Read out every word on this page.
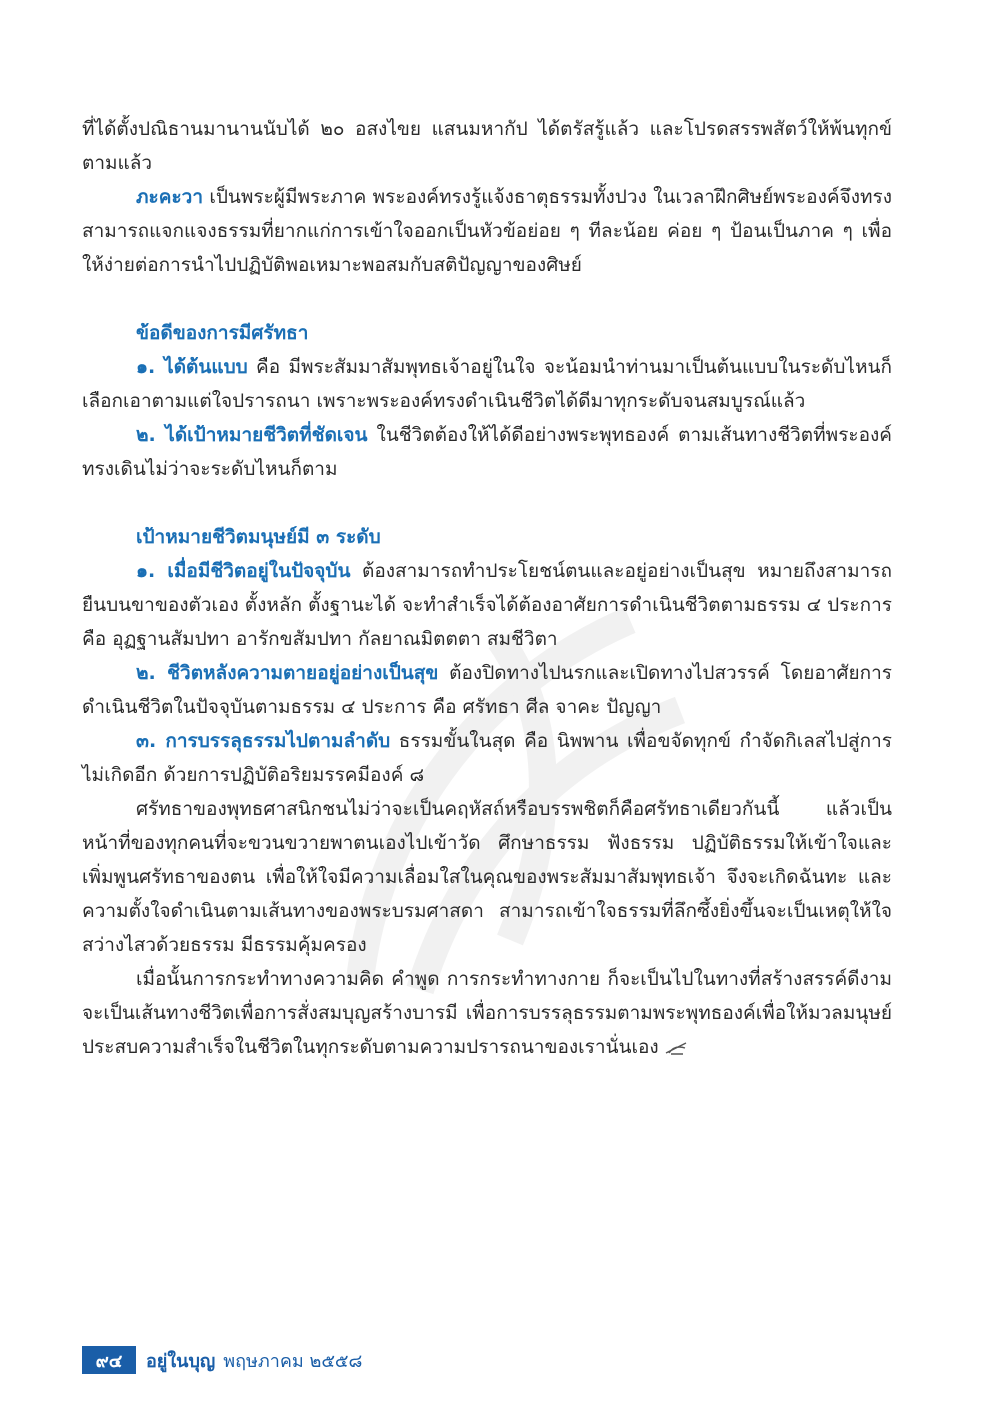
ที่ได้ตั้งปณิธานมานานนับได้ ๒๐ อสงไขย แสนมหากัป ได้ตรัสรู้แล้ว และโปรดสรรพสัตว์ให้พ้นทุกข์ตามแล้ว

ภะคะวา เป็นพระผู้มีพระภาค พระองค์ทรงรู้แจ้งธาตุธรรมทั้งปวง ในเวลาฝึกศิษย์พระองค์จึงทรงสามารถแจกแจงธรรมที่ยากแก่การเข้าใจออกเป็นหัวข้อย่อย ๆ ทีละน้อย ค่อย ๆ ป้อนเป็นภาค ๆ เพื่อให้ง่ายต่อการนำไปปฏิบัติพอเหมาะพอสมกับสติปัญญาของศิษย์

ข้อดีของการมีศรัทธา

๑. ได้ต้นแบบ คือ มีพระสัมมาสัมพุทธเจ้าอยู่ในใจ จะน้อมนำท่านมาเป็นต้นแบบในระดับไหนก็เลือกเอาตามแต่ใจปรารถนา เพราะพระองค์ทรงดำเนินชีวิตได้ดีมาทุกระดับจนสมบูรณ์แล้ว

๒. ได้เป้าหมายชีวิตที่ชัดเจน ในชีวิตต้องให้ได้ดีอย่างพระพุทธองค์ ตามเส้นทางชีวิตที่พระองค์ทรงเดินไม่ว่าจะระดับไหนก็ตาม

เป้าหมายชีวิตมนุษย์มี ๓ ระดับ

๑. เมื่อมีชีวิตอยู่ในปัจจุบัน ต้องสามารถทำประโยชน์ตนและอยู่อย่างเป็นสุข หมายถึงสามารถยืนบนขาของตัวเอง ตั้งหลัก ตั้งฐานะได้ จะทำสำเร็จได้ต้องอาศัยการดำเนินชีวิตตามธรรม ๔ ประการ คือ อุฏฐานสัมปทา อารักขสัมปทา กัลยาณมิตตตา สมชีวิตา

๒. ชีวิตหลังความตายอยู่อย่างเป็นสุข ต้องปิดทางไปนรกและเปิดทางไปสวรรค์ โดยอาศัยการดำเนินชีวิตในปัจจุบันตามธรรม ๔ ประการ คือ ศรัทธา ศีล จาคะ ปัญญา

๓. การบรรลุธรรมไปตามลำดับ ธรรมขั้นในสุด คือ นิพพาน เพื่อขจัดทุกข์ กำจัดกิเลสไปสู่การไม่เกิดอีก ด้วยการปฏิบัติอริยมรรคมีองค์ ๘

ศรัทธาของพุทธศาสนิกชนไม่ว่าจะเป็นคฤหัสถ์หรือบรรพชิตก็คือศรัทธาเดียวกันนี้ แล้วเป็นหน้าที่ของทุกคนที่จะขวนขวายพาตนเองไปเข้าวัด ศึกษาธรรม ฟังธรรม ปฏิบัติธรรมให้เข้าใจและเพิ่มพูนศรัทธาของตน เพื่อให้ใจมีความเลื่อมใสในคุณของพระสัมมาสัมพุทธเจ้า จึงจะเกิดฉันทะ และความตั้งใจดำเนินตามเส้นทางของพระบรมศาสดา สามารถเข้าใจธรรมที่ลึกซึ้งยิ่งขึ้นจะเป็นเหตุให้ใจสว่างไสวด้วยธรรม มีธรรมคุ้มครอง

เมื่อนั้นการกระทำทางความคิด คำพูด การกระทำทางกาย ก็จะเป็นไปในทางที่สร้างสรรค์ดีงาม จะเป็นเส้นทางชีวิตเพื่อการสั่งสมบุญสร้างบารมี เพื่อการบรรลุธรรมตามพระพุทธองค์เพื่อให้มวลมนุษย์ประสบความสำเร็จในชีวิตในทุกระดับตามความปรารถนาของเรานั่นเอง

๙๔	อยู่ในบุญ พฤษภาคม ๒๕๕๘
